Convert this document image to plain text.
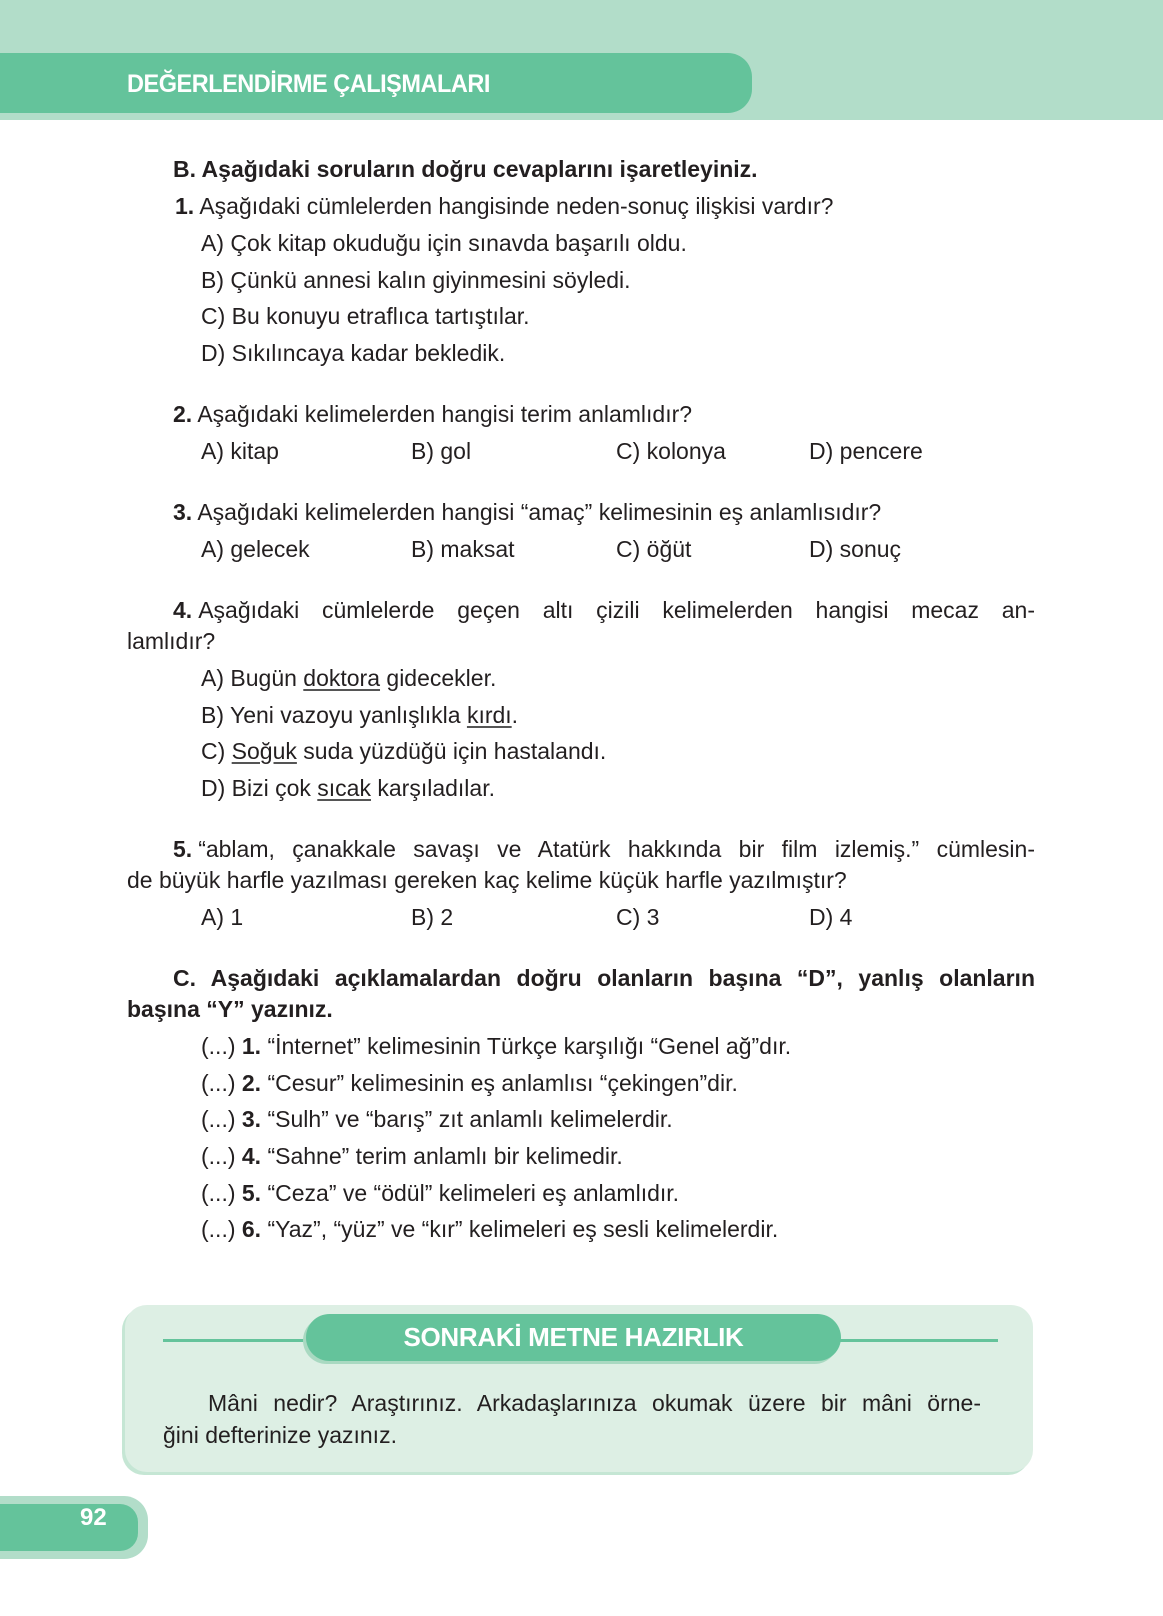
DEĞERLENDİRME ÇALIŞMALARI
B. Aşağıdaki soruların doğru cevaplarını işaretleyiniz.
1. Aşağıdaki cümlelerden hangisinde neden-sonuç ilişkisi vardır?
A) Çok kitap okuduğu için sınavda başarılı oldu.
B) Çünkü annesi kalın giyinmesini söyledi.
C) Bu konuyu etraflıca tartıştılar.
D) Sıkılıncaya kadar bekledik.
2. Aşağıdaki kelimelerden hangisi terim anlamlıdır?
A) kitap	B) gol	C) kolonya	D) pencere
3. Aşağıdaki kelimelerden hangisi “amaç” kelimesinin eş anlamlısıdır?
A) gelecek	B) maksat	C) öğüt	D) sonuç
4. Aşağıdaki cümlelerde geçen altı çizili kelimelerden hangisi mecaz an-
lamlıdır?
A) Bugün doktora gidecekler.
B) Yeni vazoyu yanlışlıkla kırdı.
C) Soğuk suda yüzdüğü için hastalandı.
D) Bizi çok sıcak karşıladılar.
5. “ablam, çanakkale savaşı ve Atatürk hakkında bir film izlemiş.” cümlesin-
de büyük harfle yazılması gereken kaç kelime küçük harfle yazılmıştır?
A) 1	B) 2	C) 3	D) 4
C. Aşağıdaki açıklamalardan doğru olanların başına “D”, yanlış olanların
başına “Y” yazınız.
(...) 1. “İnternet” kelimesinin Türkçe karşılığı “Genel ağ”dır.
(...) 2. “Cesur” kelimesinin eş anlamlısı “çekingen”dir.
(...) 3. “Sulh” ve “barış” zıt anlamlı kelimelerdir.
(...) 4. “Sahne” terim anlamlı bir kelimedir.
(...) 5. “Ceza” ve “ödül” kelimeleri eş anlamlıdır.
(...) 6. “Yaz”, “yüz” ve “kır” kelimeleri eş sesli kelimelerdir.
SONRAKİ METNE HAZIRLIK
Mâni nedir? Araştırınız. Arkadaşlarınıza okumak üzere bir mâni örne-
ğini defterinize yazınız.
92
